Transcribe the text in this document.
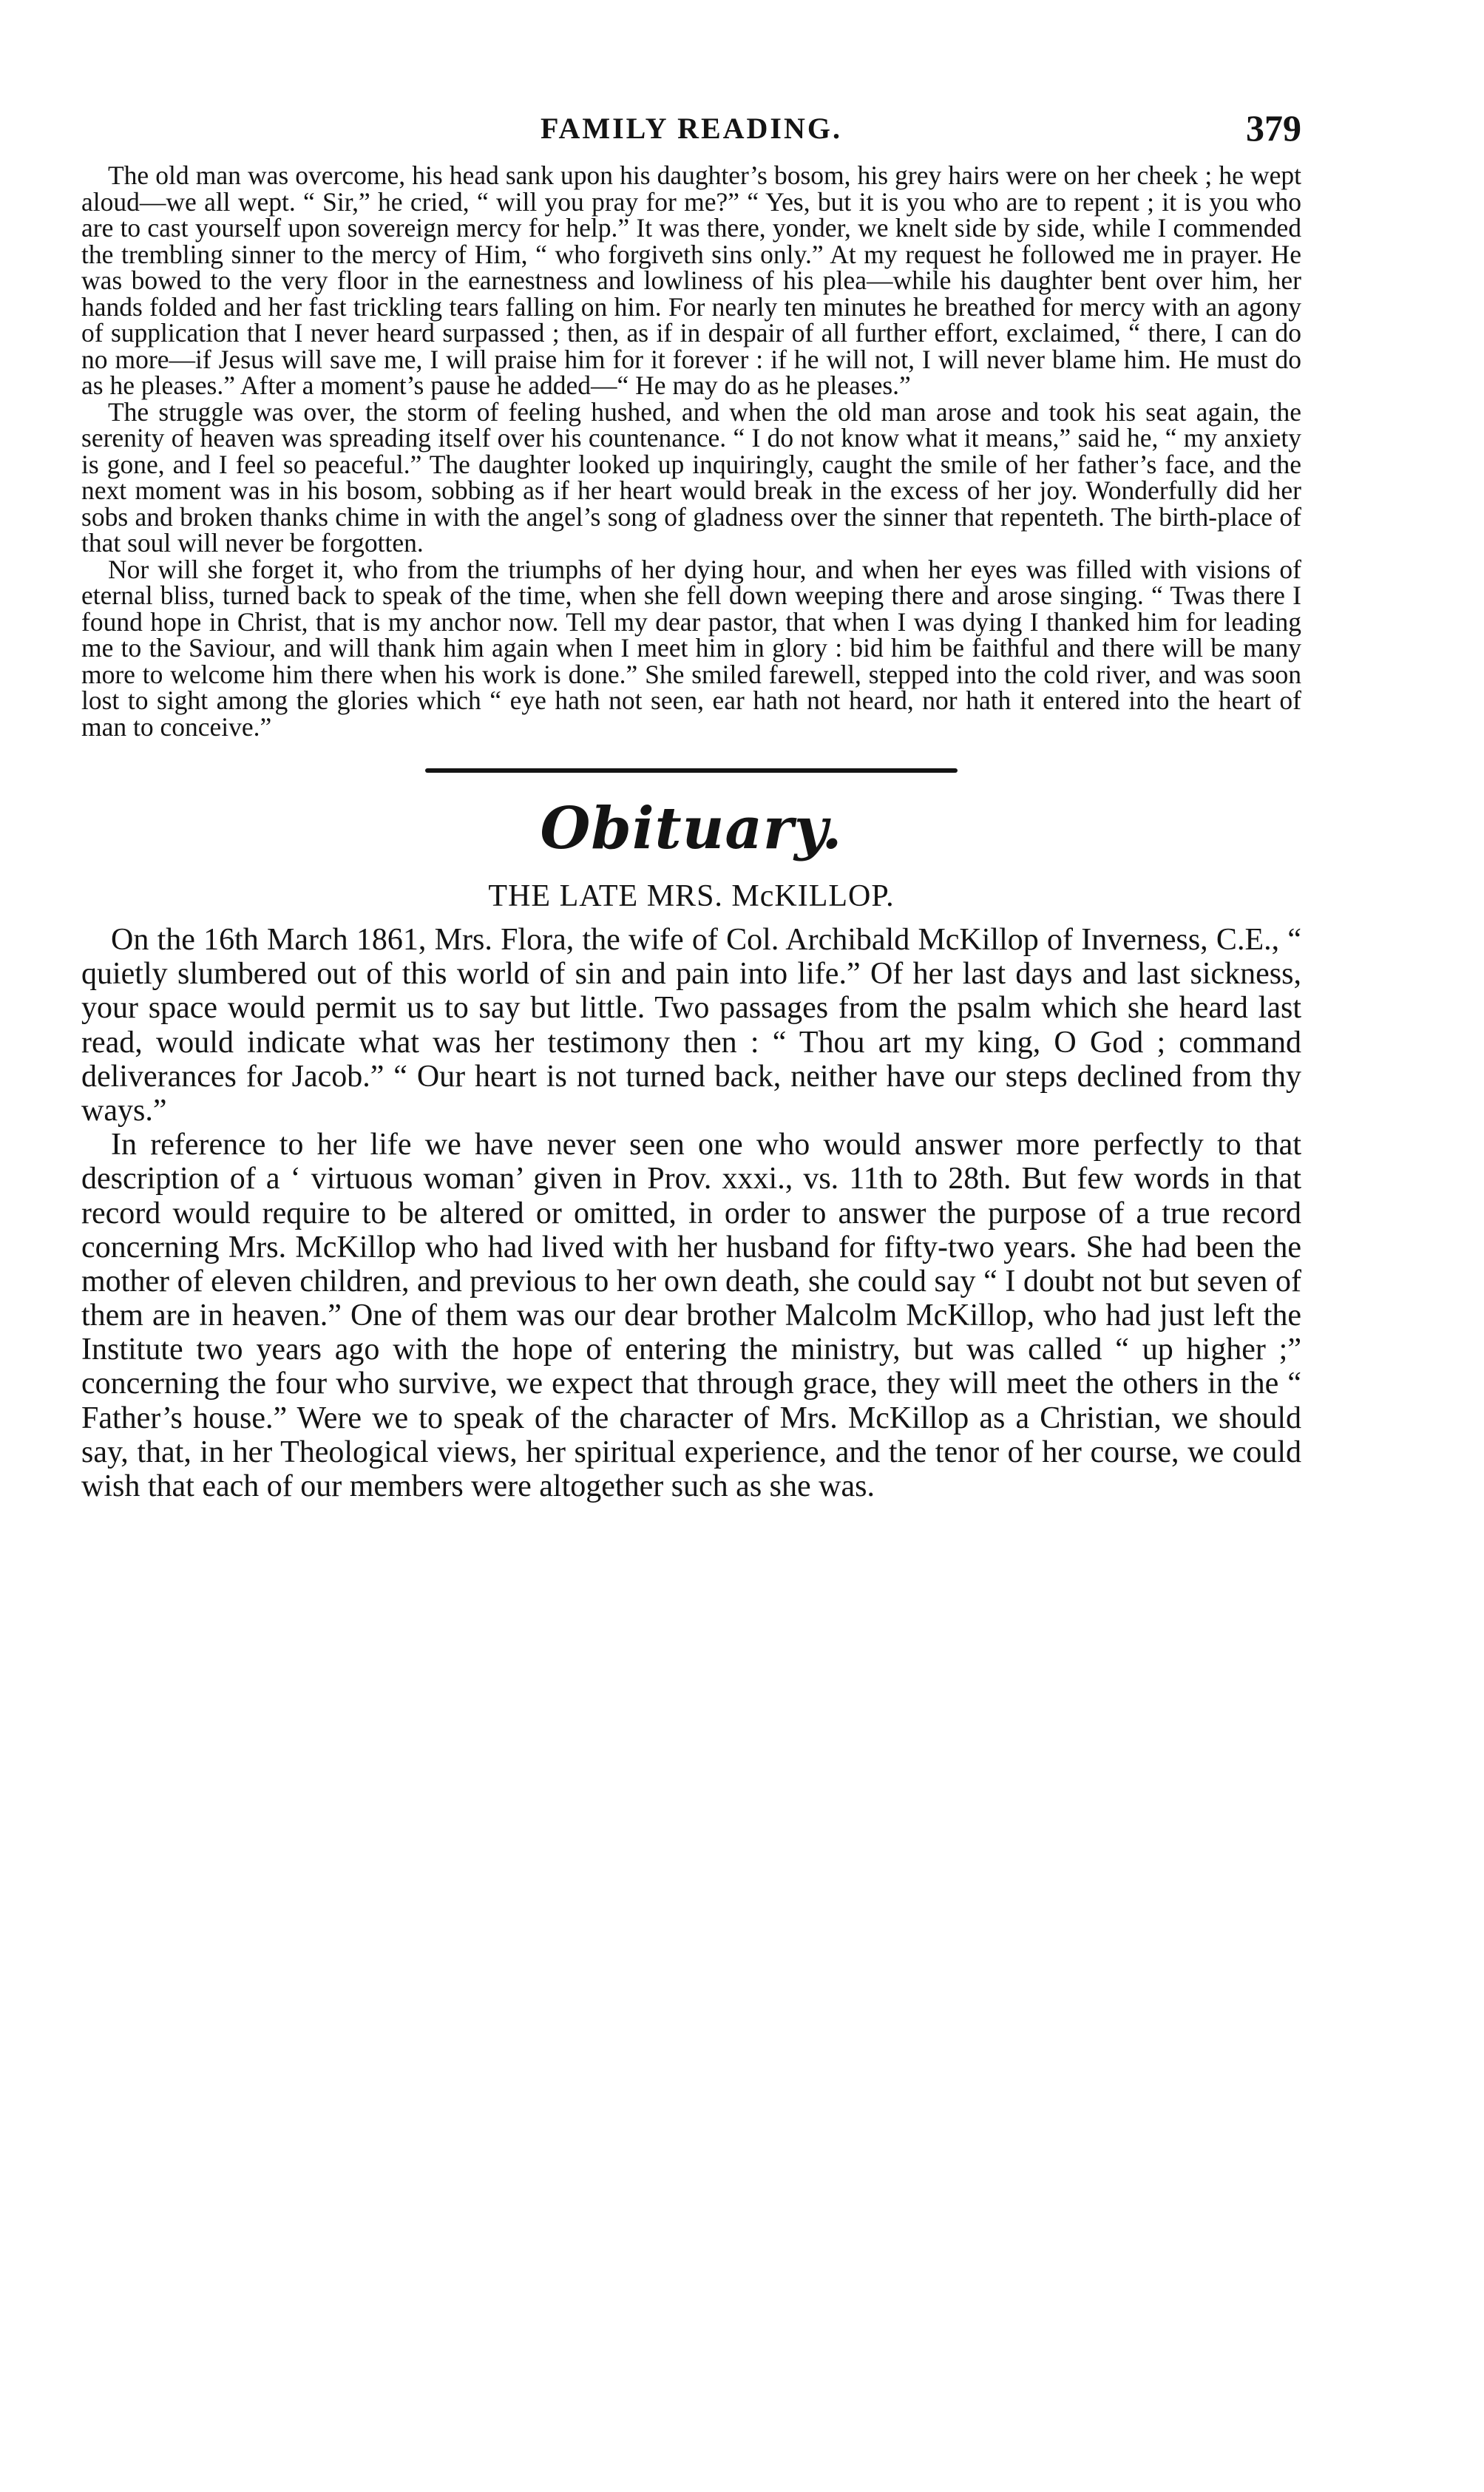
FAMILY READING.	379

The old man was overcome, his head sank upon his daughter’s bosom, his grey hairs were on her cheek ; he wept aloud—we all wept. “ Sir,” he cried, “ will you pray for me?” “ Yes, but it is you who are to repent ; it is you who are to cast yourself upon sovereign mercy for help.” It was there, yonder, we knelt side by side, while I commended the trembling sinner to the mercy of Him, “ who forgiveth sins only.” At my request he followed me in prayer. He was bowed to the very floor in the earnestness and lowliness of his plea—while his daughter bent over him, her hands folded and her fast trickling tears falling on him. For nearly ten minutes he breathed for mercy with an agony of supplication that I never heard surpassed ; then, as if in despair of all further effort, exclaimed, “ there, I can do no more—if Jesus will save me, I will praise him for it forever : if he will not, I will never blame him. He must do as he pleases.” After a moment’s pause he added—“ He may do as he pleases.”

The struggle was over, the storm of feeling hushed, and when the old man arose and took his seat again, the serenity of heaven was spreading itself over his countenance. “ I do not know what it means,” said he, “ my anxiety is gone, and I feel so peaceful.” The daughter looked up inquiringly, caught the smile of her father’s face, and the next moment was in his bosom, sobbing as if her heart would break in the excess of her joy. Wonderfully did her sobs and broken thanks chime in with the angel’s song of gladness over the sinner that repenteth. The birth-place of that soul will never be forgotten.

Nor will she forget it, who from the triumphs of her dying hour, and when her eyes was filled with visions of eternal bliss, turned back to speak of the time, when she fell down weeping there and arose singing. “ Twas there I found hope in Christ, that is my anchor now. Tell my dear pastor, that when I was dying I thanked him for leading me to the Saviour, and will thank him again when I meet him in glory : bid him be faithful and there will be many more to welcome him there when his work is done.” She smiled farewell, stepped into the cold river, and was soon lost to sight among the glories which “ eye hath not seen, ear hath not heard, nor hath it entered into the heart of man to conceive.”

Obituary.
THE LATE MRS. McKILLOP.

On the 16th March 1861, Mrs. Flora, the wife of Col. Archibald McKillop of Inverness, C.E., “ quietly slumbered out of this world of sin and pain into life.” Of her last days and last sickness, your space would permit us to say but little. Two passages from the psalm which she heard last read, would indicate what was her testimony then : “ Thou art my king, O God ; command deliverances for Jacob.” “ Our heart is not turned back, neither have our steps declined from thy ways.”

In reference to her life we have never seen one who would answer more perfectly to that description of a ‘ virtuous woman’ given in Prov. xxxi., vs. 11th to 28th. But few words in that record would require to be altered or omitted, in order to answer the purpose of a true record concerning Mrs. McKillop who had lived with her husband for fifty-two years. She had been the mother of eleven children, and previous to her own death, she could say “ I doubt not but seven of them are in heaven.” One of them was our dear brother Malcolm McKillop, who had just left the Institute two years ago with the hope of entering the ministry, but was called “ up higher ;” concerning the four who survive, we expect that through grace, they will meet the others in the “ Father’s house.” Were we to speak of the character of Mrs. McKillop as a Christian, we should say, that, in her Theological views, her spiritual experience, and the tenor of her course, we could wish that each of our members were altogether such as she was.
